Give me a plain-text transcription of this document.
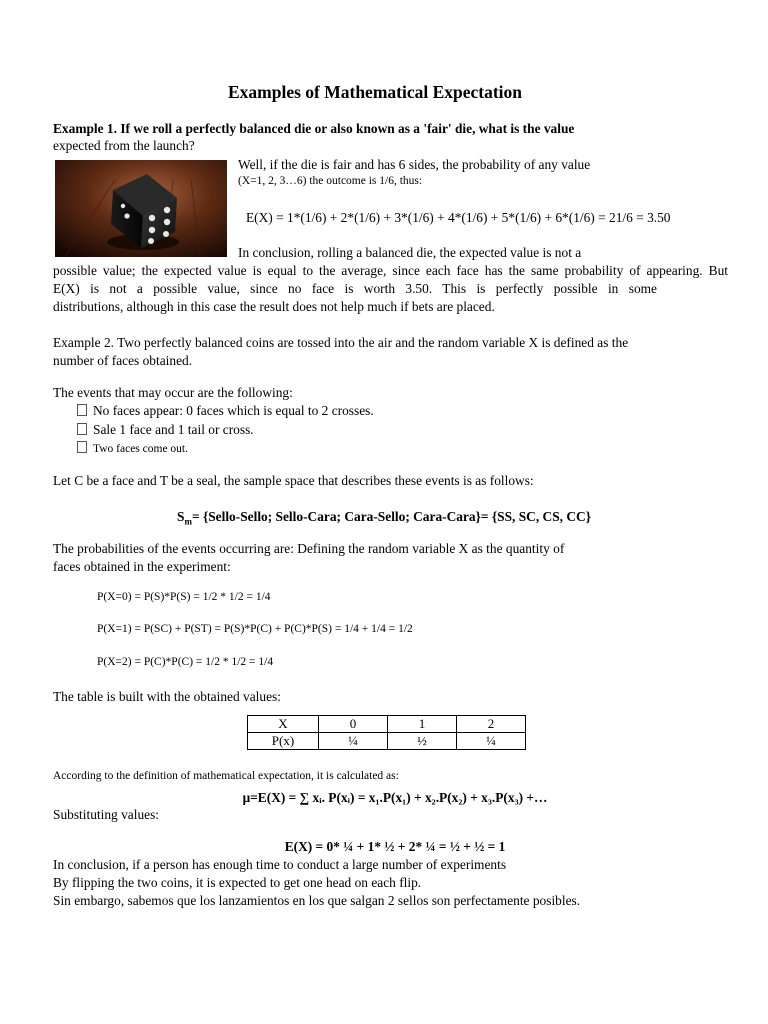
Examples of Mathematical Expectation
Example 1. If we roll a perfectly balanced die or also known as a 'fair' die, what is the value
expected from the launch?
Well, if the die is fair and has 6 sides, the probability of any value
(X=1, 2, 3…6) the outcome is 1/6, thus:
E(X) = 1*(1/6) + 2*(1/6) + 3*(1/6) + 4*(1/6) + 5*(1/6) + 6*(1/6) = 21/6 = 3.50
In conclusion, rolling a balanced die, the expected value is not a
possible value; the expected value is equal to the average, since each face has the same probability of appearing. But
E(X) is not a possible value, since no face is worth 3.50. This is perfectly possible in some
distributions, although in this case the result does not help much if bets are placed.
Example 2. Two perfectly balanced coins are tossed into the air and the random variable X is defined as the
number of faces obtained.
The events that may occur are the following:
No faces appear: 0 faces which is equal to 2 crosses.
Sale 1 face and 1 tail or cross.
Two faces come out.
Let C be a face and T be a seal, the sample space that describes these events is as follows:
$S_m=$ {Sello-Sello; Sello-Cara; Cara-Sello; Cara-Cara}= {SS, SC, CS, CC}
The probabilities of the events occurring are: Defining the random variable X as the quantity of
faces obtained in the experiment:
P(X=0) = P(S)*P(S) = 1/2 * 1/2 = 1/4
P(X=1) = P(SC) + P(ST) = P(S)*P(C) + P(C)*P(S) = 1/4 + 1/4 = 1/2
P(X=2) = P(C)*P(C) = 1/2 * 1/2 = 1/4
The table is built with the obtained values:
X	0	1	2
P(x)	¼	½	¼
According to the definition of mathematical expectation, it is calculated as:
μ=E(X) = ∑ xᵢ. P(xᵢ) = x₁.P(x₁) + x₂.P(x₂) + x₃.P(x₃) +…
Substituting values:
E(X) = 0* ¼ + 1* ½ + 2* ¼ = ½ + ½ = 1
In conclusion, if a person has enough time to conduct a large number of experiments
By flipping the two coins, it is expected to get one head on each flip.
Sin embargo, sabemos que los lanzamientos en los que salgan 2 sellos son perfectamente posibles.
